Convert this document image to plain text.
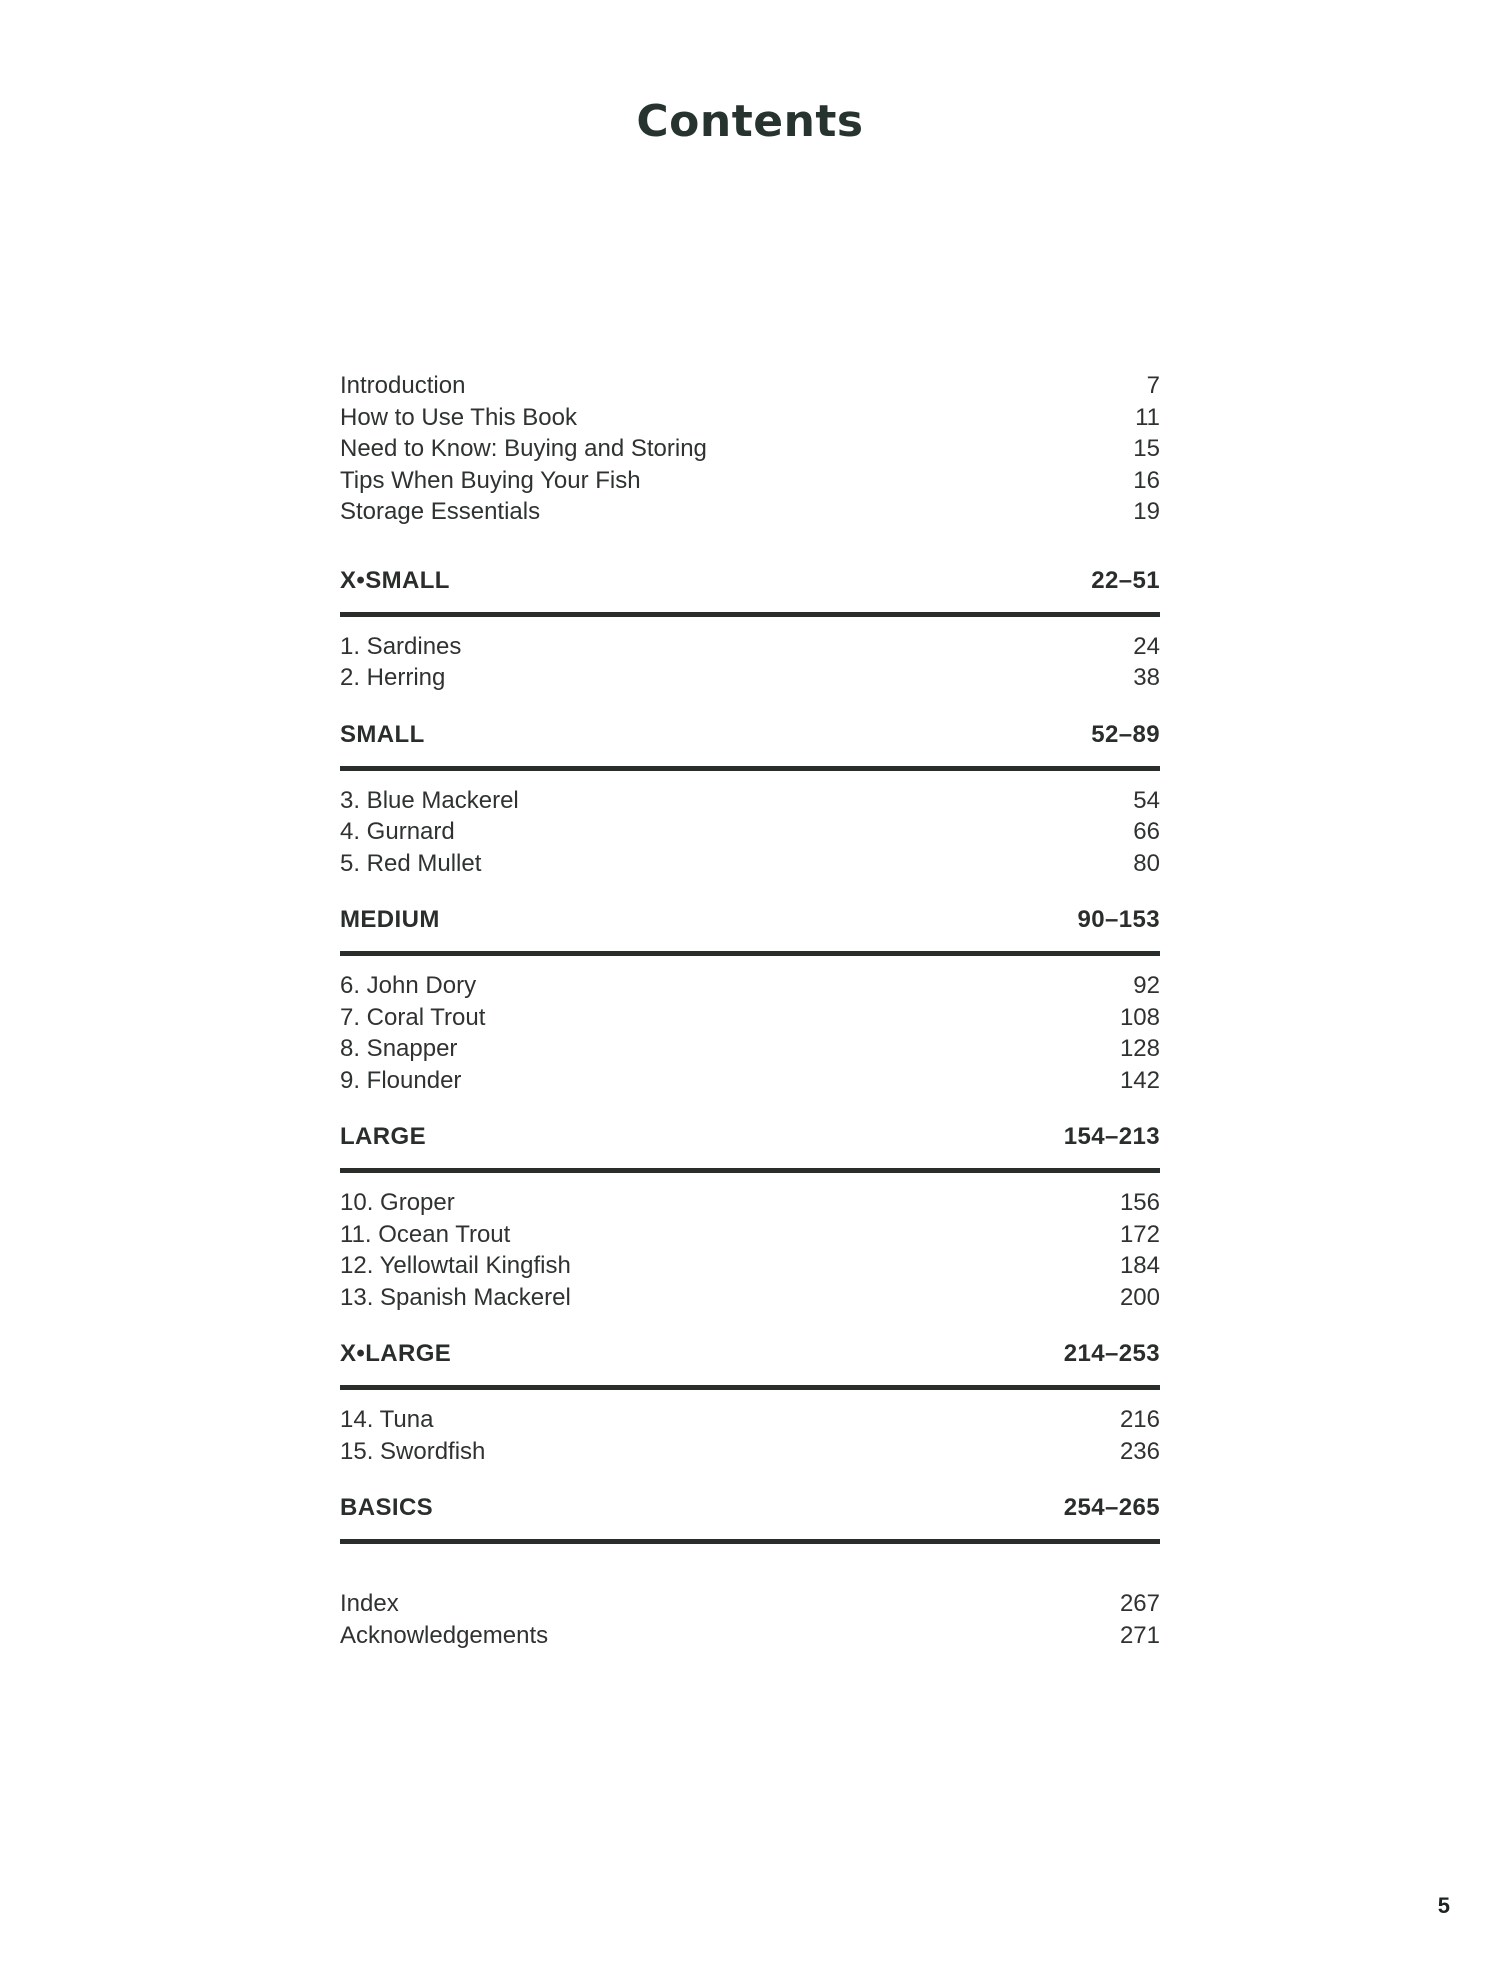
Contents
Introduction	7
How to Use This Book	11
Need to Know: Buying and Storing	15
Tips When Buying Your Fish	16
Storage Essentials	19
X•SMALL	22–51
1. Sardines	24
2. Herring	38
SMALL	52–89
3. Blue Mackerel	54
4. Gurnard	66
5. Red Mullet	80
MEDIUM	90–153
6. John Dory	92
7. Coral Trout	108
8. Snapper	128
9. Flounder	142
LARGE	154–213
10. Groper	156
11. Ocean Trout	172
12. Yellowtail Kingfish	184
13. Spanish Mackerel	200
X•LARGE	214–253
14. Tuna	216
15. Swordfish	236
BASICS	254–265
Index	267
Acknowledgements	271
5
